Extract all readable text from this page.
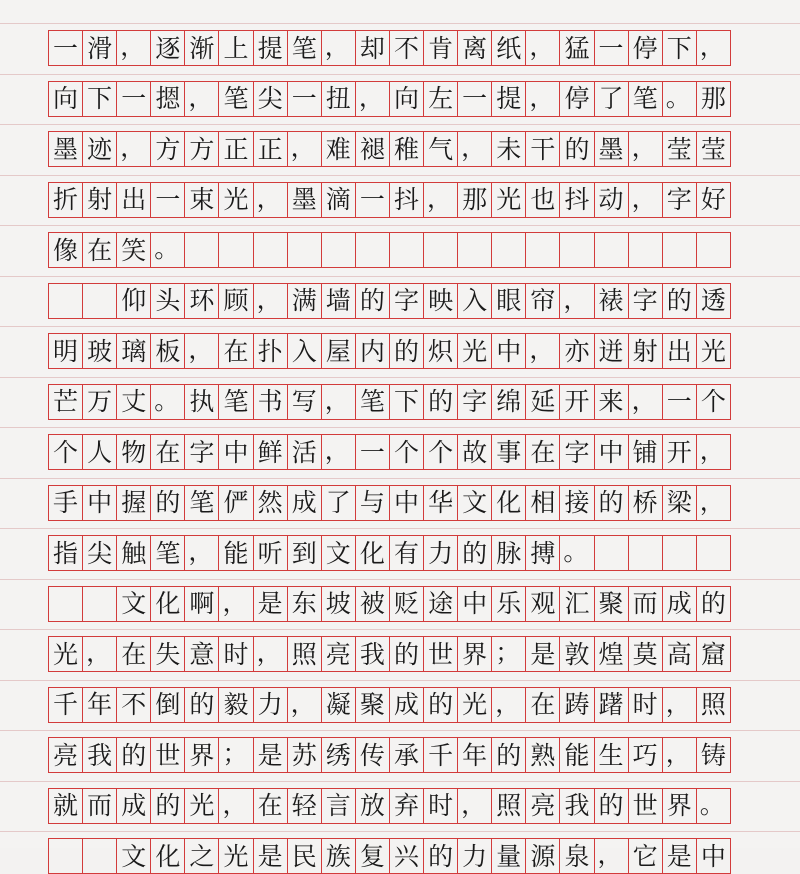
一 滑 ， 逐 渐 上 提 笔 ， 却 不 肯 离 纸 ， 猛 一 停 下 ，
向 下 一 摁 ， 笔 尖 一 扭 ， 向 左 一 提 ， 停 了 笔 。 那
墨 迹 ， 方 方 正 正 ， 难 褪 稚 气 ， 未 干 的 墨 ， 莹 莹
折 射 出 一 束 光 ， 墨 滴 一 抖 ， 那 光 也 抖 动 ， 字 好
像 在 笑 。
仰 头 环 顾 ， 满 墙 的 字 映 入 眼 帘 ， 裱 字 的 透
明 玻 璃 板 ， 在 扑 入 屋 内 的 炽 光 中 ， 亦 迸 射 出 光
芒 万 丈 。 执 笔 书 写 ， 笔 下 的 字 绵 延 开 来 ， 一 个
个 人 物 在 字 中 鲜 活 ， 一 个 个 故 事 在 字 中 铺 开 ，
手 中 握 的 笔 俨 然 成 了 与 中 华 文 化 相 接 的 桥 梁 ，
指 尖 触 笔 ， 能 听 到 文 化 有 力 的 脉 搏 。
文 化 啊 ， 是 东 坡 被 贬 途 中 乐 观 汇 聚 而 成 的
光 ， 在 失 意 时 ， 照 亮 我 的 世 界 ； 是 敦 煌 莫 高 窟
千 年 不 倒 的 毅 力 ， 凝 聚 成 的 光 ， 在 踌 躇 时 ， 照
亮 我 的 世 界 ； 是 苏 绣 传 承 千 年 的 熟 能 生 巧 ， 铸
就 而 成 的 光 ， 在 轻 言 放 弃 时 ， 照 亮 我 的 世 界 。
文 化 之 光 是 民 族 复 兴 的 力 量 源 泉 ， 它 是 中
